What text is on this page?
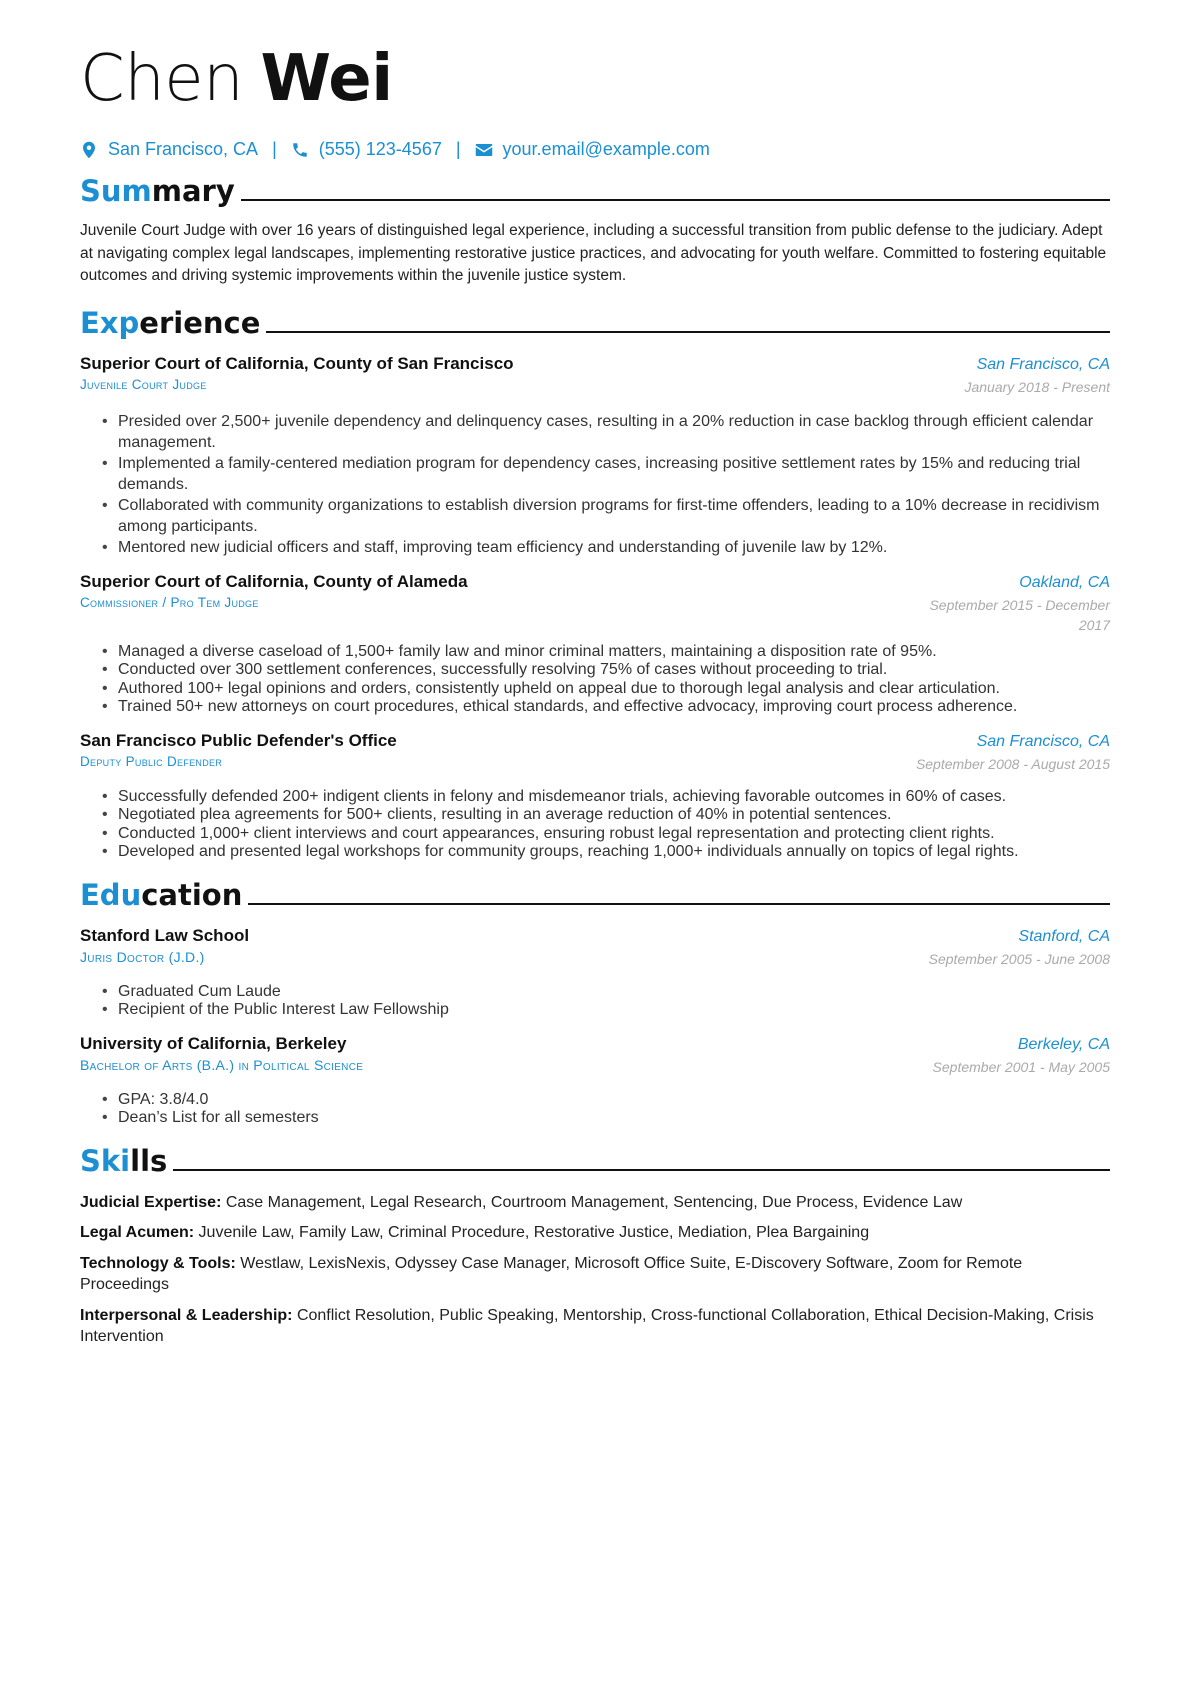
Chen Wei
San Francisco, CA | (555) 123-4567 | your.email@example.com
Summary
Juvenile Court Judge with over 16 years of distinguished legal experience, including a successful transition from public defense to the judiciary. Adept at navigating complex legal landscapes, implementing restorative justice practices, and advocating for youth welfare. Committed to fostering equitable outcomes and driving systemic improvements within the juvenile justice system.
Experience
Superior Court of California, County of San Francisco	San Francisco, CA
Juvenile Court Judge	January 2018 - Present
• Presided over 2,500+ juvenile dependency and delinquency cases, resulting in a 20% reduction in case backlog through efficient calendar management.
• Implemented a family-centered mediation program for dependency cases, increasing positive settlement rates by 15% and reducing trial demands.
• Collaborated with community organizations to establish diversion programs for first-time offenders, leading to a 10% decrease in recidivism among participants.
• Mentored new judicial officers and staff, improving team efficiency and understanding of juvenile law by 12%.
Superior Court of California, County of Alameda	Oakland, CA
Commissioner / Pro Tem Judge	September 2015 - December 2017
• Managed a diverse caseload of 1,500+ family law and minor criminal matters, maintaining a disposition rate of 95%.
• Conducted over 300 settlement conferences, successfully resolving 75% of cases without proceeding to trial.
• Authored 100+ legal opinions and orders, consistently upheld on appeal due to thorough legal analysis and clear articulation.
• Trained 50+ new attorneys on court procedures, ethical standards, and effective advocacy, improving court process adherence.
San Francisco Public Defender's Office	San Francisco, CA
Deputy Public Defender	September 2008 - August 2015
• Successfully defended 200+ indigent clients in felony and misdemeanor trials, achieving favorable outcomes in 60% of cases.
• Negotiated plea agreements for 500+ clients, resulting in an average reduction of 40% in potential sentences.
• Conducted 1,000+ client interviews and court appearances, ensuring robust legal representation and protecting client rights.
• Developed and presented legal workshops for community groups, reaching 1,000+ individuals annually on topics of legal rights.
Education
Stanford Law School	Stanford, CA
Juris Doctor (J.D.)	September 2005 - June 2008
• Graduated Cum Laude
• Recipient of the Public Interest Law Fellowship
University of California, Berkeley	Berkeley, CA
Bachelor of Arts (B.A.) in Political Science	September 2001 - May 2005
• GPA: 3.8/4.0
• Dean’s List for all semesters
Skills
Judicial Expertise: Case Management, Legal Research, Courtroom Management, Sentencing, Due Process, Evidence Law
Legal Acumen: Juvenile Law, Family Law, Criminal Procedure, Restorative Justice, Mediation, Plea Bargaining
Technology & Tools: Westlaw, LexisNexis, Odyssey Case Manager, Microsoft Office Suite, E-Discovery Software, Zoom for Remote Proceedings
Interpersonal & Leadership: Conflict Resolution, Public Speaking, Mentorship, Cross-functional Collaboration, Ethical Decision-Making, Crisis Intervention
